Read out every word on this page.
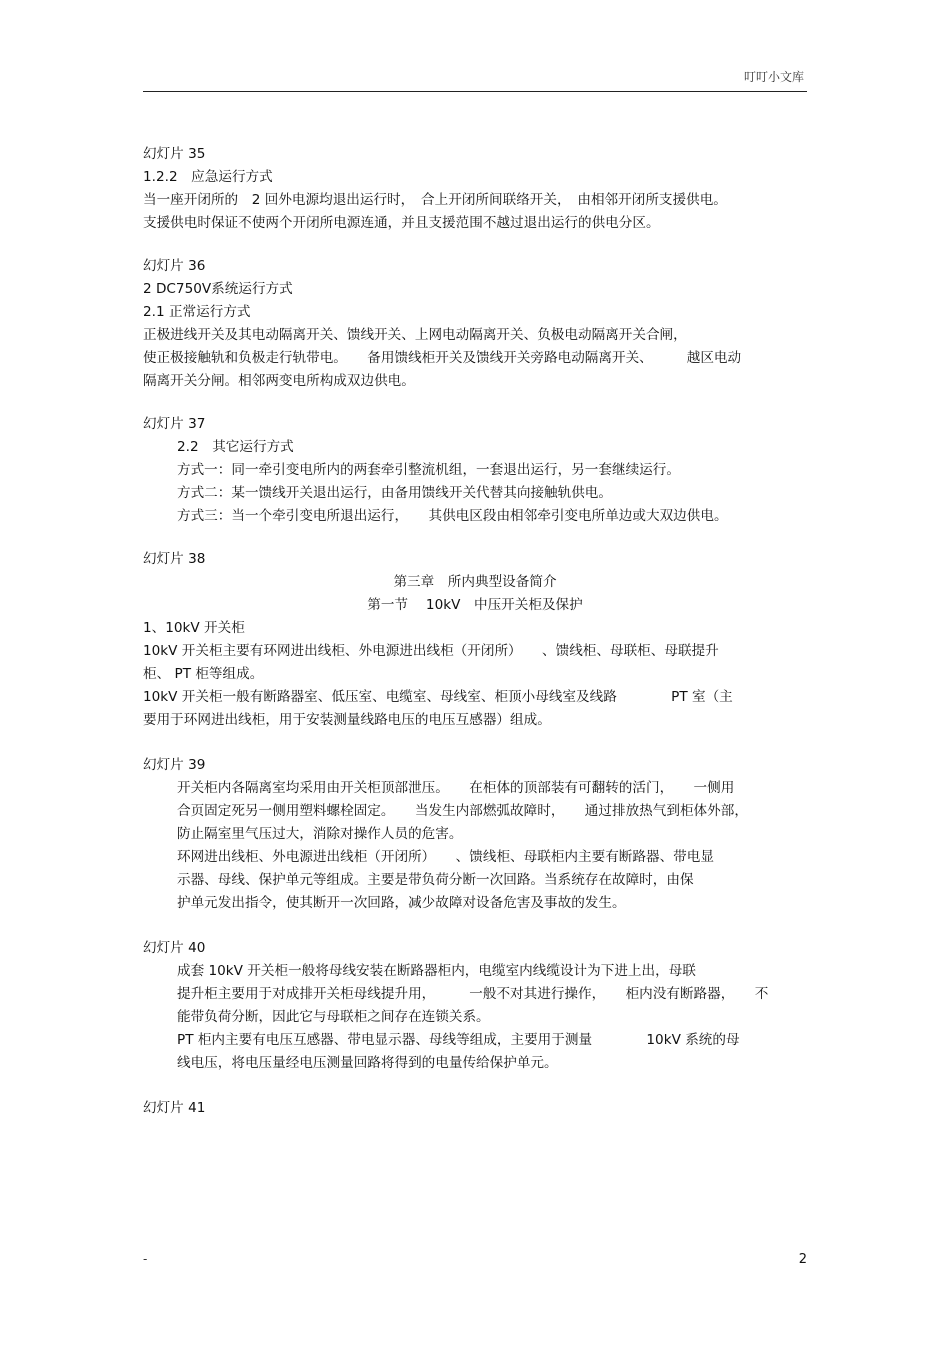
叮叮小文库

幻灯片 35

1.2.2　应急运行方式

当一座开闭所的　2 回外电源均退出运行时，　合上开闭所间联络开关，　由相邻开闭所支援供电。

支援供电时保证不使两个开闭所电源连通，并且支援范围不越过退出运行的供电分区。

幻灯片 36

2 DC750V系统运行方式

2.1 正常运行方式

正极进线开关及其电动隔离开关、馈线开关、上网电动隔离开关、负极电动隔离开关合闸，

使正极接触轨和负极走行轨带电。　　备用馈线柜开关及馈线开关旁路电动隔离开关、　　　越区电动

隔离开关分闸。相邻两变电所构成双边供电。

幻灯片 37

2.2　其它运行方式

方式一：同一牵引变电所内的两套牵引整流机组，一套退出运行，另一套继续运行。

方式二：某一馈线开关退出运行，由备用馈线开关代替其向接触轨供电。

方式三：当一个牵引变电所退出运行，　　其供电区段由相邻牵引变电所单边或大双边供电。

幻灯片 38

第三章　所内典型设备简介

第一节　 10kV　中压开关柜及保护

1、10kV 开关柜

10kV 开关柜主要有环网进出线柜、外电源进出线柜（开闭所）　　、馈线柜、母联柜、母联提升

柜、 PT 柜等组成。

10kV 开关柜一般有断路器室、低压室、电缆室、母线室、柜顶小母线室及线路　　　　PT 室（主

要用于环网进出线柜，用于安装测量线路电压的电压互感器）组成。

幻灯片 39

开关柜内各隔离室均采用由开关柜顶部泄压。　　在柜体的顶部装有可翻转的活门，　　一侧用

合页固定死另一侧用塑料螺栓固定。　　当发生内部燃弧故障时，　　通过排放热气到柜体外部，

防止隔室里气压过大，消除对操作人员的危害。

环网进出线柜、外电源进出线柜（开闭所）　　、馈线柜、母联柜内主要有断路器、带电显

示器、母线、保护单元等组成。主要是带负荷分断一次回路。当系统存在故障时，由保

护单元发出指令，使其断开一次回路，减少故障对设备危害及事故的发生。

幻灯片 40

成套 10kV 开关柜一般将母线安装在断路器柜内，电缆室内线缆设计为下进上出，母联

提升柜主要用于对成排开关柜母线提升用，　　　一般不对其进行操作，　　柜内没有断路器，　　不

能带负荷分断，因此它与母联柜之间存在连锁关系。

PT 柜内主要有电压互感器、带电显示器、母线等组成，主要用于测量　　　　10kV 系统的母

线电压，将电压量经电压测量回路将得到的电量传给保护单元。

幻灯片 41

-	2
